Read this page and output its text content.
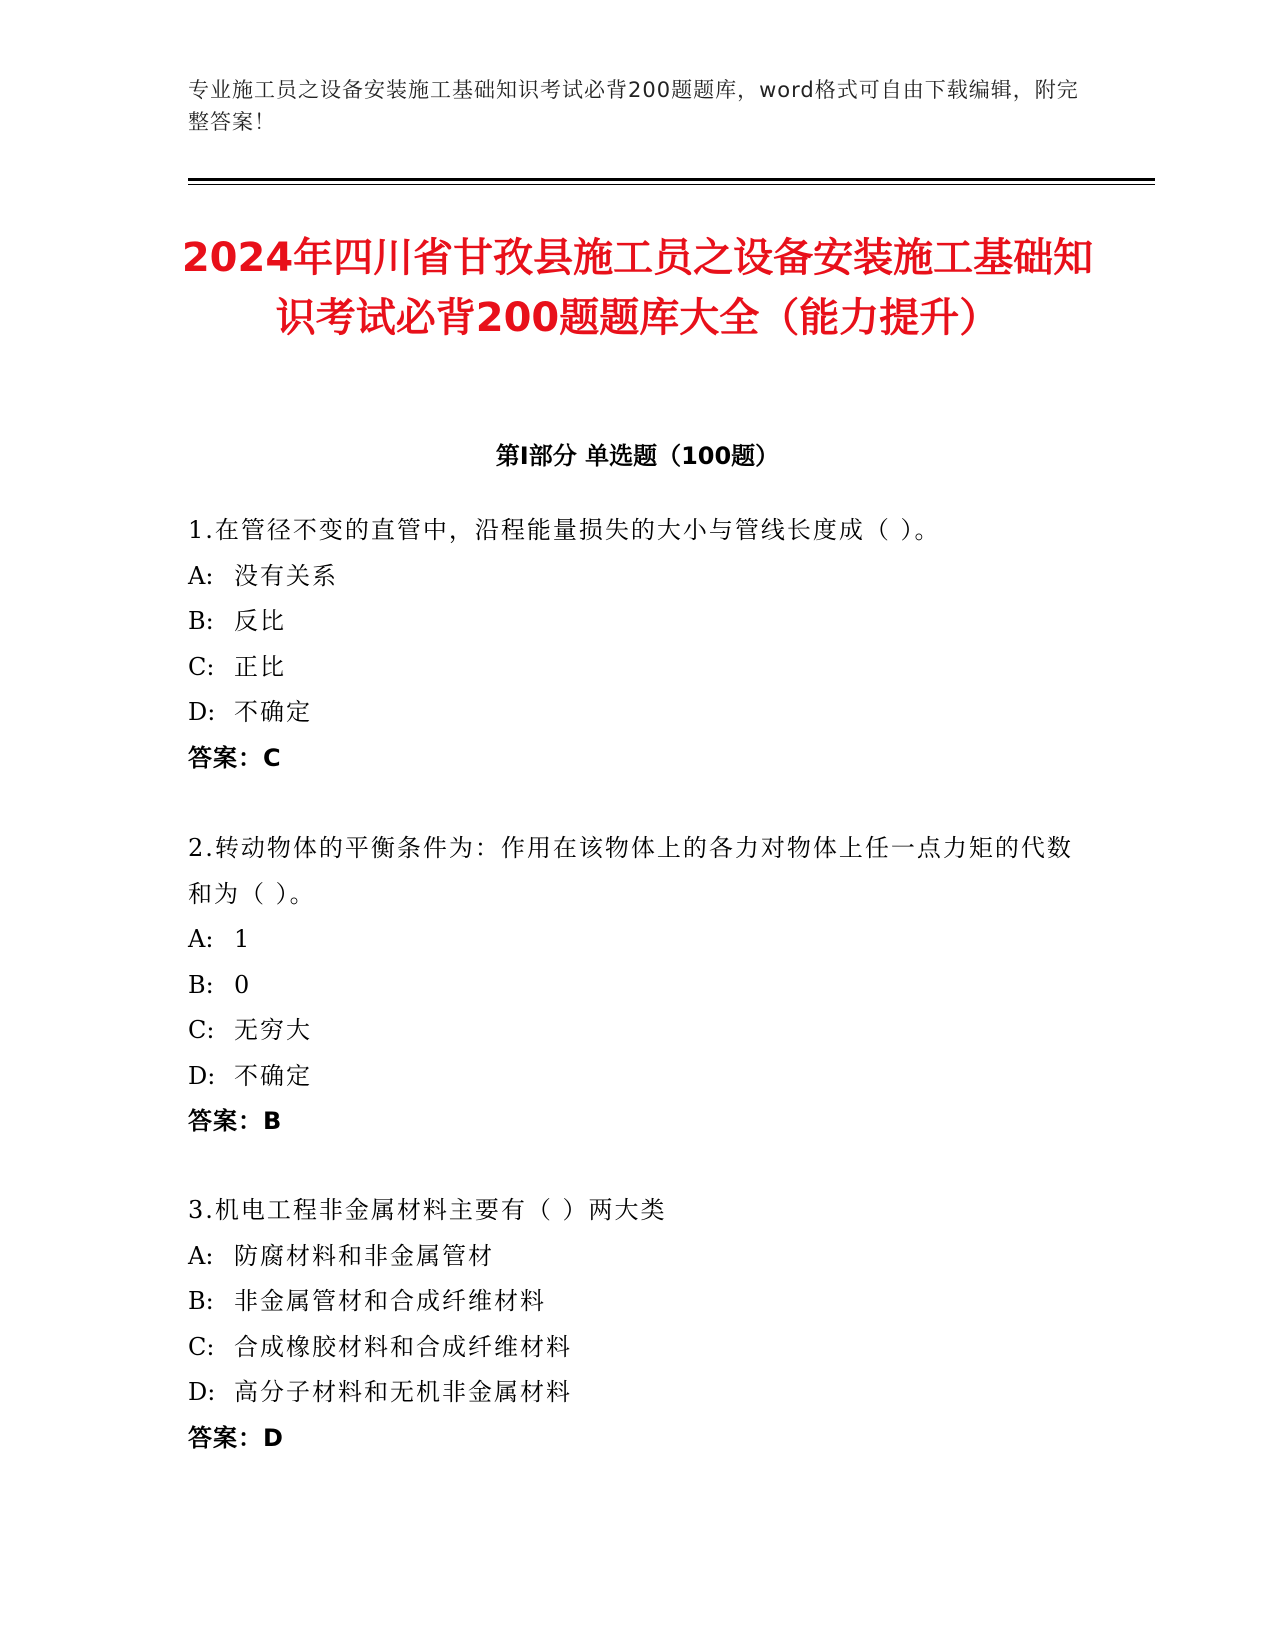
专业施工员之设备安装施工基础知识考试必背200题题库，word格式可自由下载编辑，附完整答案！
2024年四川省甘孜县施工员之设备安装施工基础知识考试必背200题题库大全（能力提升）
第I部分 单选题（100题）
1.在管径不变的直管中，沿程能量损失的大小与管线长度成（ ）。
A: 没有关系
B: 反比
C: 正比
D: 不确定
答案：C
2.转动物体的平衡条件为：作用在该物体上的各力对物体上任一点力矩的代数和为（ ）。
A: 1
B: 0
C: 无穷大
D: 不确定
答案：B
3.机电工程非金属材料主要有（ ）两大类
A: 防腐材料和非金属管材
B: 非金属管材和合成纤维材料
C: 合成橡胶材料和合成纤维材料
D: 高分子材料和无机非金属材料
答案：D
